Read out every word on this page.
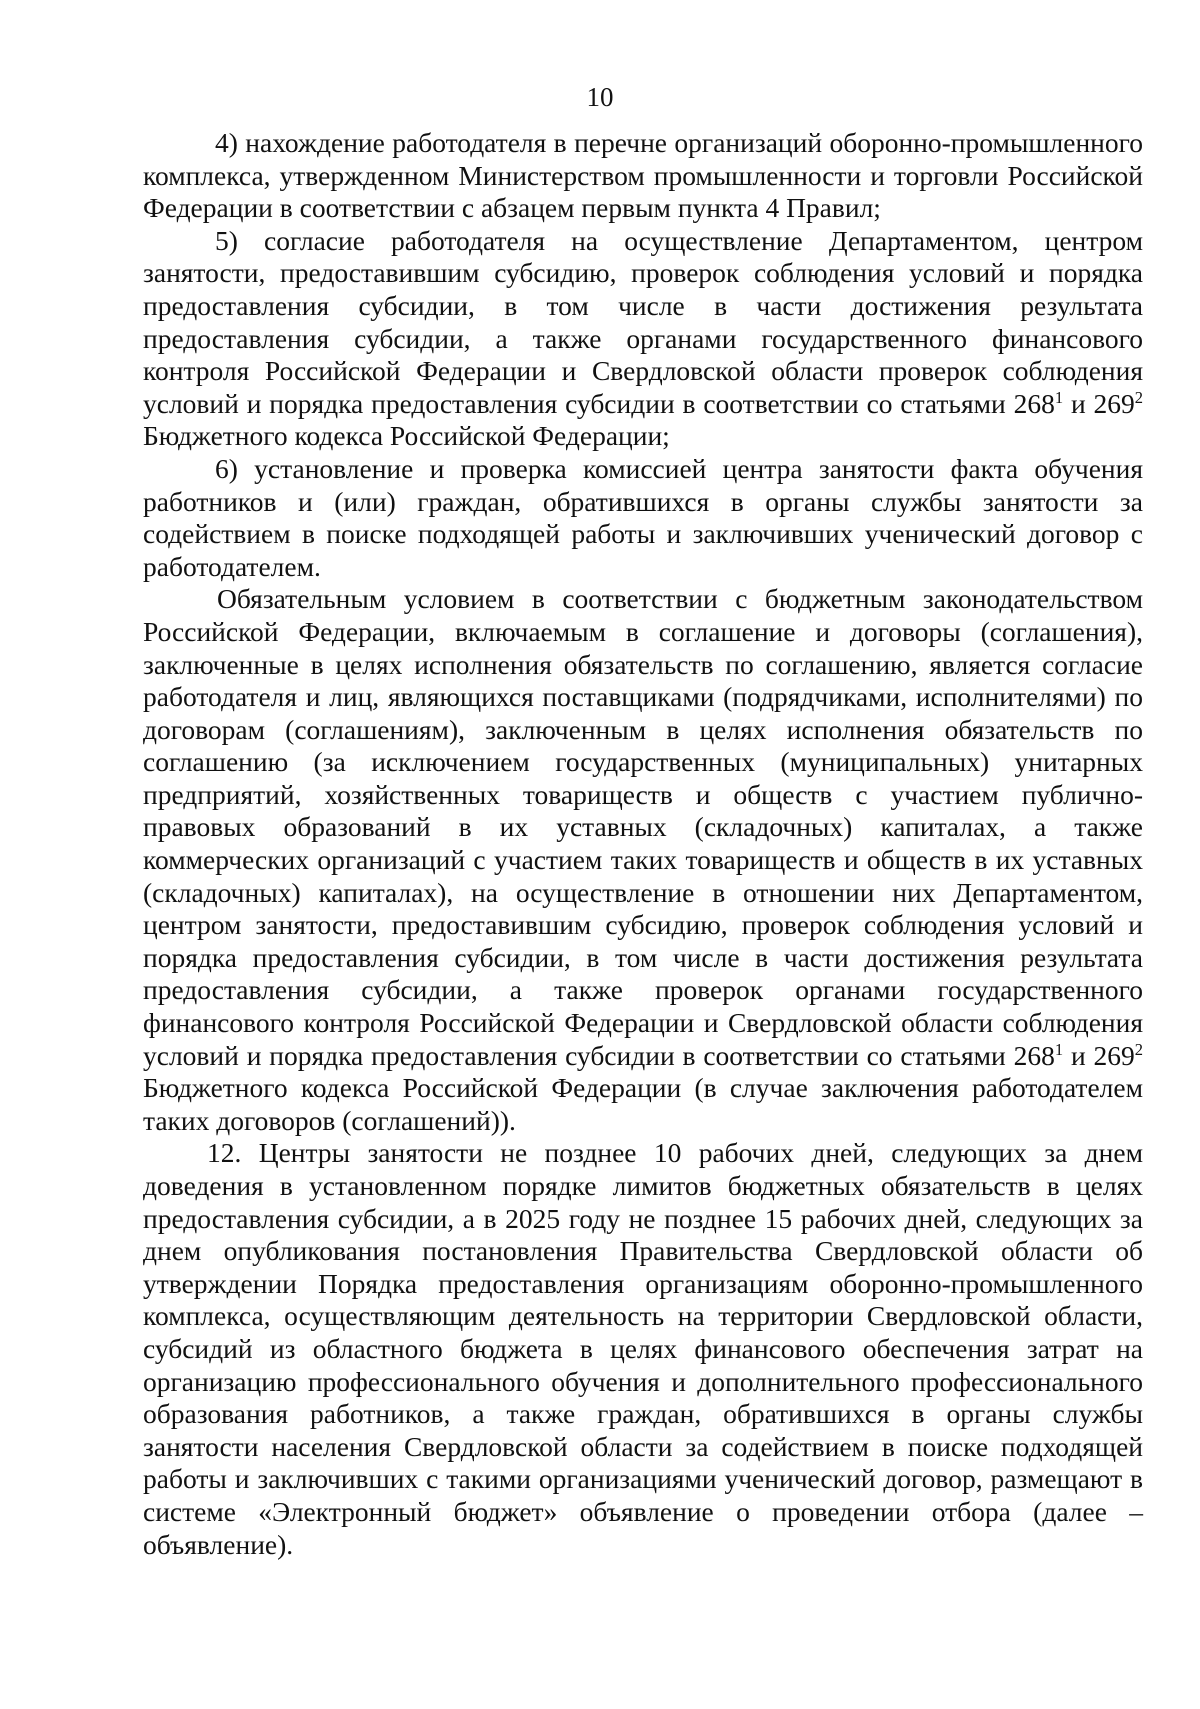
10

4) нахождение работодателя в перечне организаций оборонно-промышленного комплекса, утвержденном Министерством промышленности и торговли Российской Федерации в соответствии с абзацем первым пункта 4 Правил;

5) согласие работодателя на осуществление Департаментом, центром занятости, предоставившим субсидию, проверок соблюдения условий и порядка предоставления субсидии, в том числе в части достижения результата предоставления субсидии, а также органами государственного финансового контроля Российской Федерации и Свердловской области проверок соблюдения условий и порядка предоставления субсидии в соответствии со статьями $268^1$ и $269^2$ Бюджетного кодекса Российской Федерации;

6) установление и проверка комиссией центра занятости факта обучения работников и (или) граждан, обратившихся в органы службы занятости за содействием в поиске подходящей работы и заключивших ученический договор с работодателем.

Обязательным условием в соответствии с бюджетным законодательством Российской Федерации, включаемым в соглашение и договоры (соглашения), заключенные в целях исполнения обязательств по соглашению, является согласие работодателя и лиц, являющихся поставщиками (подрядчиками, исполнителями) по договорам (соглашениям), заключенным в целях исполнения обязательств по соглашению (за исключением государственных (муниципальных) унитарных предприятий, хозяйственных товариществ и обществ с участием публично-правовых образований в их уставных (складочных) капиталах, а также коммерческих организаций с участием таких товариществ и обществ в их уставных (складочных) капиталах), на осуществление в отношении них Департаментом, центром занятости, предоставившим субсидию, проверок соблюдения условий и порядка предоставления субсидии, в том числе в части достижения результата предоставления субсидии, а также проверок органами государственного финансового контроля Российской Федерации и Свердловской области соблюдения условий и порядка предоставления субсидии в соответствии со статьями $268^1$ и $269^2$ Бюджетного кодекса Российской Федерации (в случае заключения работодателем таких договоров (соглашений)).

12. Центры занятости не позднее 10 рабочих дней, следующих за днем доведения в установленном порядке лимитов бюджетных обязательств в целях предоставления субсидии, а в 2025 году не позднее 15 рабочих дней, следующих за днем опубликования постановления Правительства Свердловской области об утверждении Порядка предоставления организациям оборонно-промышленного комплекса, осуществляющим деятельность на территории Свердловской области, субсидий из областного бюджета в целях финансового обеспечения затрат на организацию профессионального обучения и дополнительного профессионального образования работников, а также граждан, обратившихся в органы службы занятости населения Свердловской области за содействием в поиске подходящей работы и заключивших с такими организациями ученический договор, размещают в системе «Электронный бюджет» объявление о проведении отбора (далее – объявление).
